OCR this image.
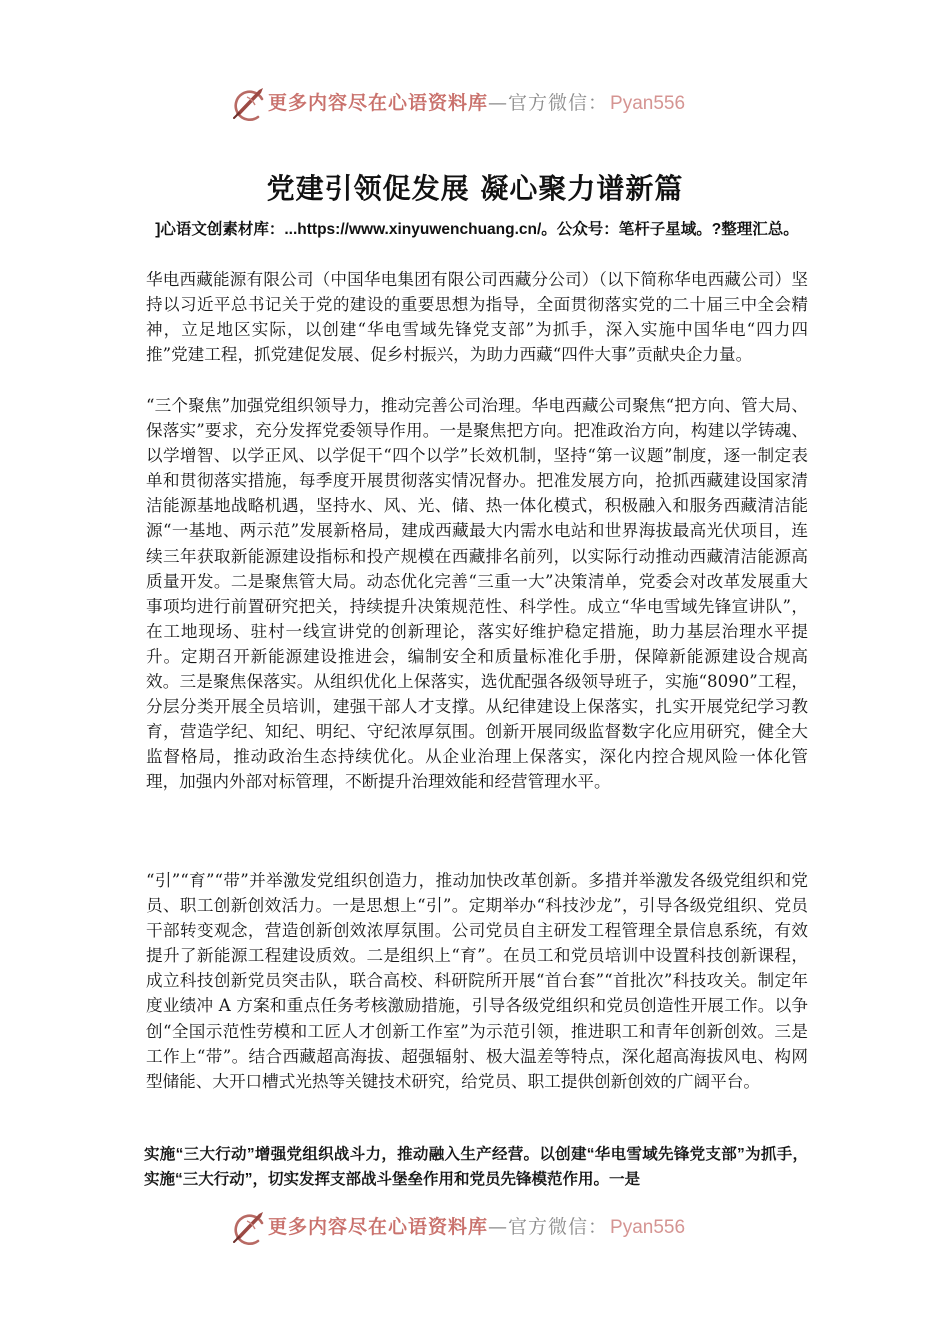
更多内容尽在心语资料库—官方微信： Pyan556
党建引领促发展 凝心聚力谱新篇
]心语文创素材库：...https://www.xinyuwenchuang.cn/。公众号：笔杆子星域。?整理汇总。

华电西藏能源有限公司（中国华电集团有限公司西藏分公司）（以下简称华电西藏公司）坚持以习近平总书记关于党的建设的重要思想为指导，全面贯彻落实党的二十届三中全会精神，立足地区实际，以创建“华电雪域先锋党支部”为抓手，深入实施中国华电“四力四推”党建工程，抓党建促发展、促乡村振兴，为助力西藏“四件大事”贡献央企力量。

“三个聚焦”加强党组织领导力，推动完善公司治理。华电西藏公司聚焦“把方向、管大局、保落实”要求，充分发挥党委领导作用。一是聚焦把方向。把准政治方向，构建以学铸魂、以学增智、以学正风、以学促干“四个以学”长效机制，坚持“第一议题”制度，逐一制定表单和贯彻落实措施，每季度开展贯彻落实情况督办。把准发展方向，抢抓西藏建设国家清洁能源基地战略机遇，坚持水、风、光、储、热一体化模式，积极融入和服务西藏清洁能源“一基地、两示范”发展新格局，建成西藏最大内需水电站和世界海拔最高光伏项目，连续三年获取新能源建设指标和投产规模在西藏排名前列，以实际行动推动西藏清洁能源高质量开发。二是聚焦管大局。动态优化完善“三重一大”决策清单，党委会对改革发展重大事项均进行前置研究把关，持续提升决策规范性、科学性。成立“华电雪域先锋宣讲队”，在工地现场、驻村一线宣讲党的创新理论，落实好维护稳定措施，助力基层治理水平提升。定期召开新能源建设推进会，编制安全和质量标准化手册，保障新能源建设合规高效。三是聚焦保落实。从组织优化上保落实，选优配强各级领导班子，实施“8090”工程，分层分类开展全员培训，建强干部人才支撑。从纪律建设上保落实，扎实开展党纪学习教育，营造学纪、知纪、明纪、守纪浓厚氛围。创新开展同级监督数字化应用研究，健全大监督格局，推动政治生态持续优化。从企业治理上保落实，深化内控合规风险一体化管理，加强内外部对标管理，不断提升治理效能和经营管理水平。

“引”“育”“带”并举激发党组织创造力，推动加快改革创新。多措并举激发各级党组织和党员、职工创新创效活力。一是思想上“引”。定期举办“科技沙龙”，引导各级党组织、党员干部转变观念，营造创新创效浓厚氛围。公司党员自主研发工程管理全景信息系统，有效提升了新能源工程建设质效。二是组织上“育”。在员工和党员培训中设置科技创新课程，成立科技创新党员突击队，联合高校、科研院所开展“首台套”“首批次”科技攻关。制定年度业绩冲 A 方案和重点任务考核激励措施，引导各级党组织和党员创造性开展工作。以争创“全国示范性劳模和工匠人才创新工作室”为示范引领，推进职工和青年创新创效。三是工作上“带”。结合西藏超高海拔、超强辐射、极大温差等特点，深化超高海拔风电、构网型储能、大开口槽式光热等关键技术研究，给党员、职工提供创新创效的广阔平台。

实施“三大行动”增强党组织战斗力，推动融入生产经营。以创建“华电雪域先锋党支部”为抓手，实施“三大行动”，切实发挥支部战斗堡垒作用和党员先锋模范作用。一是

更多内容尽在心语资料库—官方微信： Pyan556
